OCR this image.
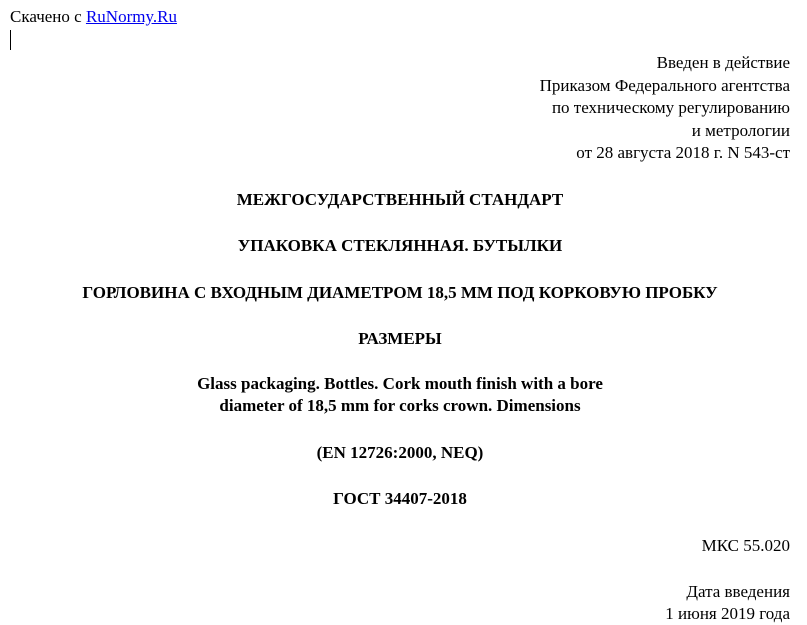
Скачено с RuNormy.Ru
Введен в действие
Приказом Федерального агентства
по техническому регулированию
и метрологии
от 28 августа 2018 г. N 543-ст
МЕЖГОСУДАРСТВЕННЫЙ СТАНДАРТ
УПАКОВКА СТЕКЛЯННАЯ. БУТЫЛКИ
ГОРЛОВИНА С ВХОДНЫМ ДИАМЕТРОМ 18,5 ММ ПОД КОРКОВУЮ ПРОБКУ
РАЗМЕРЫ
Glass packaging. Bottles. Cork mouth finish with a bore
diameter of 18,5 mm for corks crown. Dimensions
(EN 12726:2000, NEQ)
ГОСТ 34407-2018
МКС 55.020
Дата введения
1 июня 2019 года
